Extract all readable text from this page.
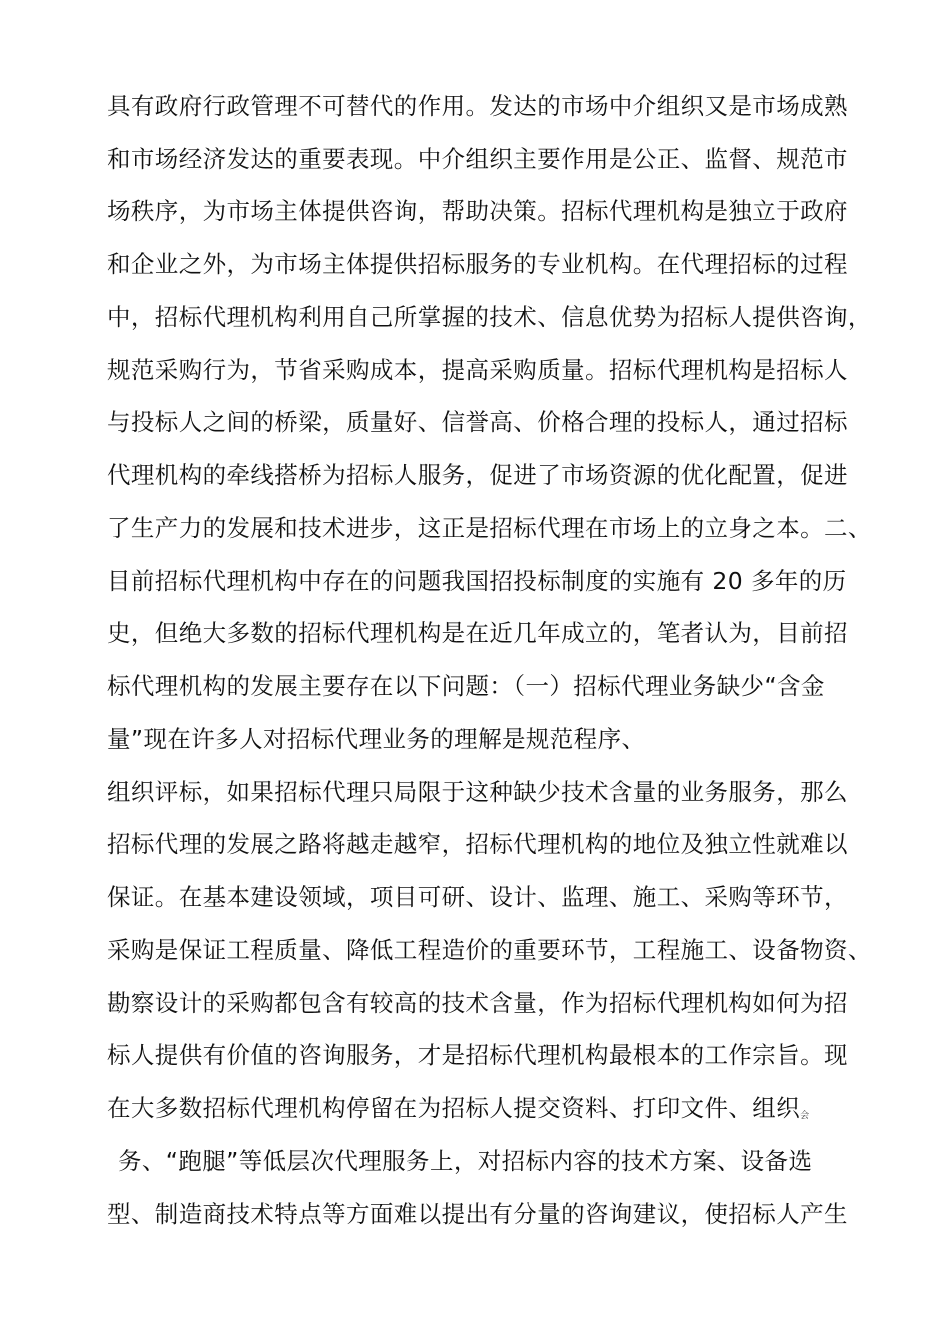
具有政府行政管理不可替代的作用。发达的市场中介组织又是市场成熟
和市场经济发达的重要表现。中介组织主要作用是公正、监督、规范市
场秩序，为市场主体提供咨询，帮助决策。招标代理机构是独立于政府
和企业之外，为市场主体提供招标服务的专业机构。在代理招标的过程
中，招标代理机构利用自己所掌握的技术、信息优势为招标人提供咨询，
规范采购行为，节省采购成本，提高采购质量。招标代理机构是招标人
与投标人之间的桥梁，质量好、信誉高、价格合理的投标人，通过招标
代理机构的牵线搭桥为招标人服务，促进了市场资源的优化配置，促进
了生产力的发展和技术进步，这正是招标代理在市场上的立身之本。二、
目前招标代理机构中存在的问题我国招投标制度的实施有 20 多年的历
史，但绝大多数的招标代理机构是在近几年成立的，笔者认为，目前招
标代理机构的发展主要存在以下问题：（一）招标代理业务缺少“含金
量”现在许多人对招标代理业务的理解是规范程序、
组织评标，如果招标代理只局限于这种缺少技术含量的业务服务，那么
招标代理的发展之路将越走越窄，招标代理机构的地位及独立性就难以
保证。在基本建设领域，项目可研、设计、监理、施工、采购等环节，
采购是保证工程质量、降低工程造价的重要环节，工程施工、设备物资、
勘察设计的采购都包含有较高的技术含量，作为招标代理机构如何为招
标人提供有价值的咨询服务，才是招标代理机构最根本的工作宗旨。现
在大多数招标代理机构停留在为招标人提交资料、打印文件、组织会
务、“跑腿”等低层次代理服务上，对招标内容的技术方案、设备选
型、制造商技术特点等方面难以提出有分量的咨询建议，使招标人产生
